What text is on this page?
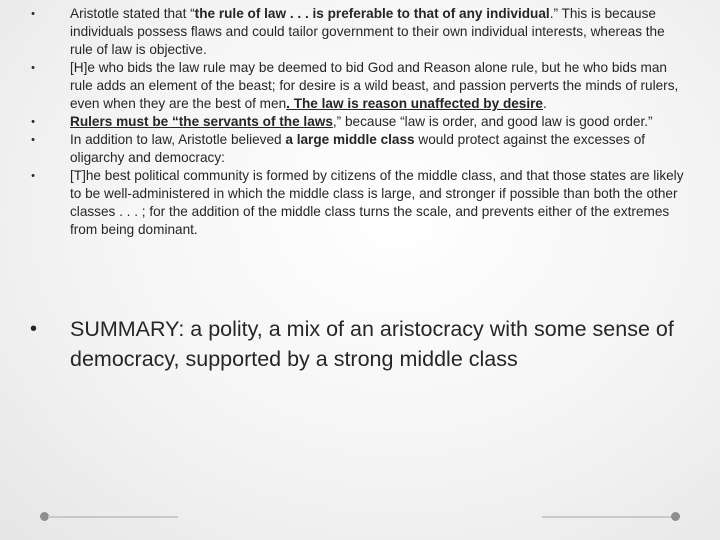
•	Aristotle stated that “the rule of law . . . is preferable to that of any individual.” This is because individuals possess flaws and could tailor government to their own individual interests, whereas the rule of law is objective.
•	[H]e who bids the law rule may be deemed to bid God and Reason alone rule, but he who bids man rule adds an element of the beast; for desire is a wild beast, and passion perverts the minds of rulers, even when they are the best of men. The law is reason unaffected by desire.
•	Rulers must be “the servants of the laws,” because “law is order, and good law is good order.”
•	In addition to law, Aristotle believed a large middle class would protect against the excesses of oligarchy and democracy:
•	[T]he best political community is formed by citizens of the middle class, and that those states are likely to be well-administered in which the middle class is large, and stronger if possible than both the other classes . . . ; for the addition of the middle class turns the scale, and prevents either of the extremes from being dominant.
• SUMMARY: a polity, a mix of an aristocracy with some sense of democracy, supported by a strong middle class
